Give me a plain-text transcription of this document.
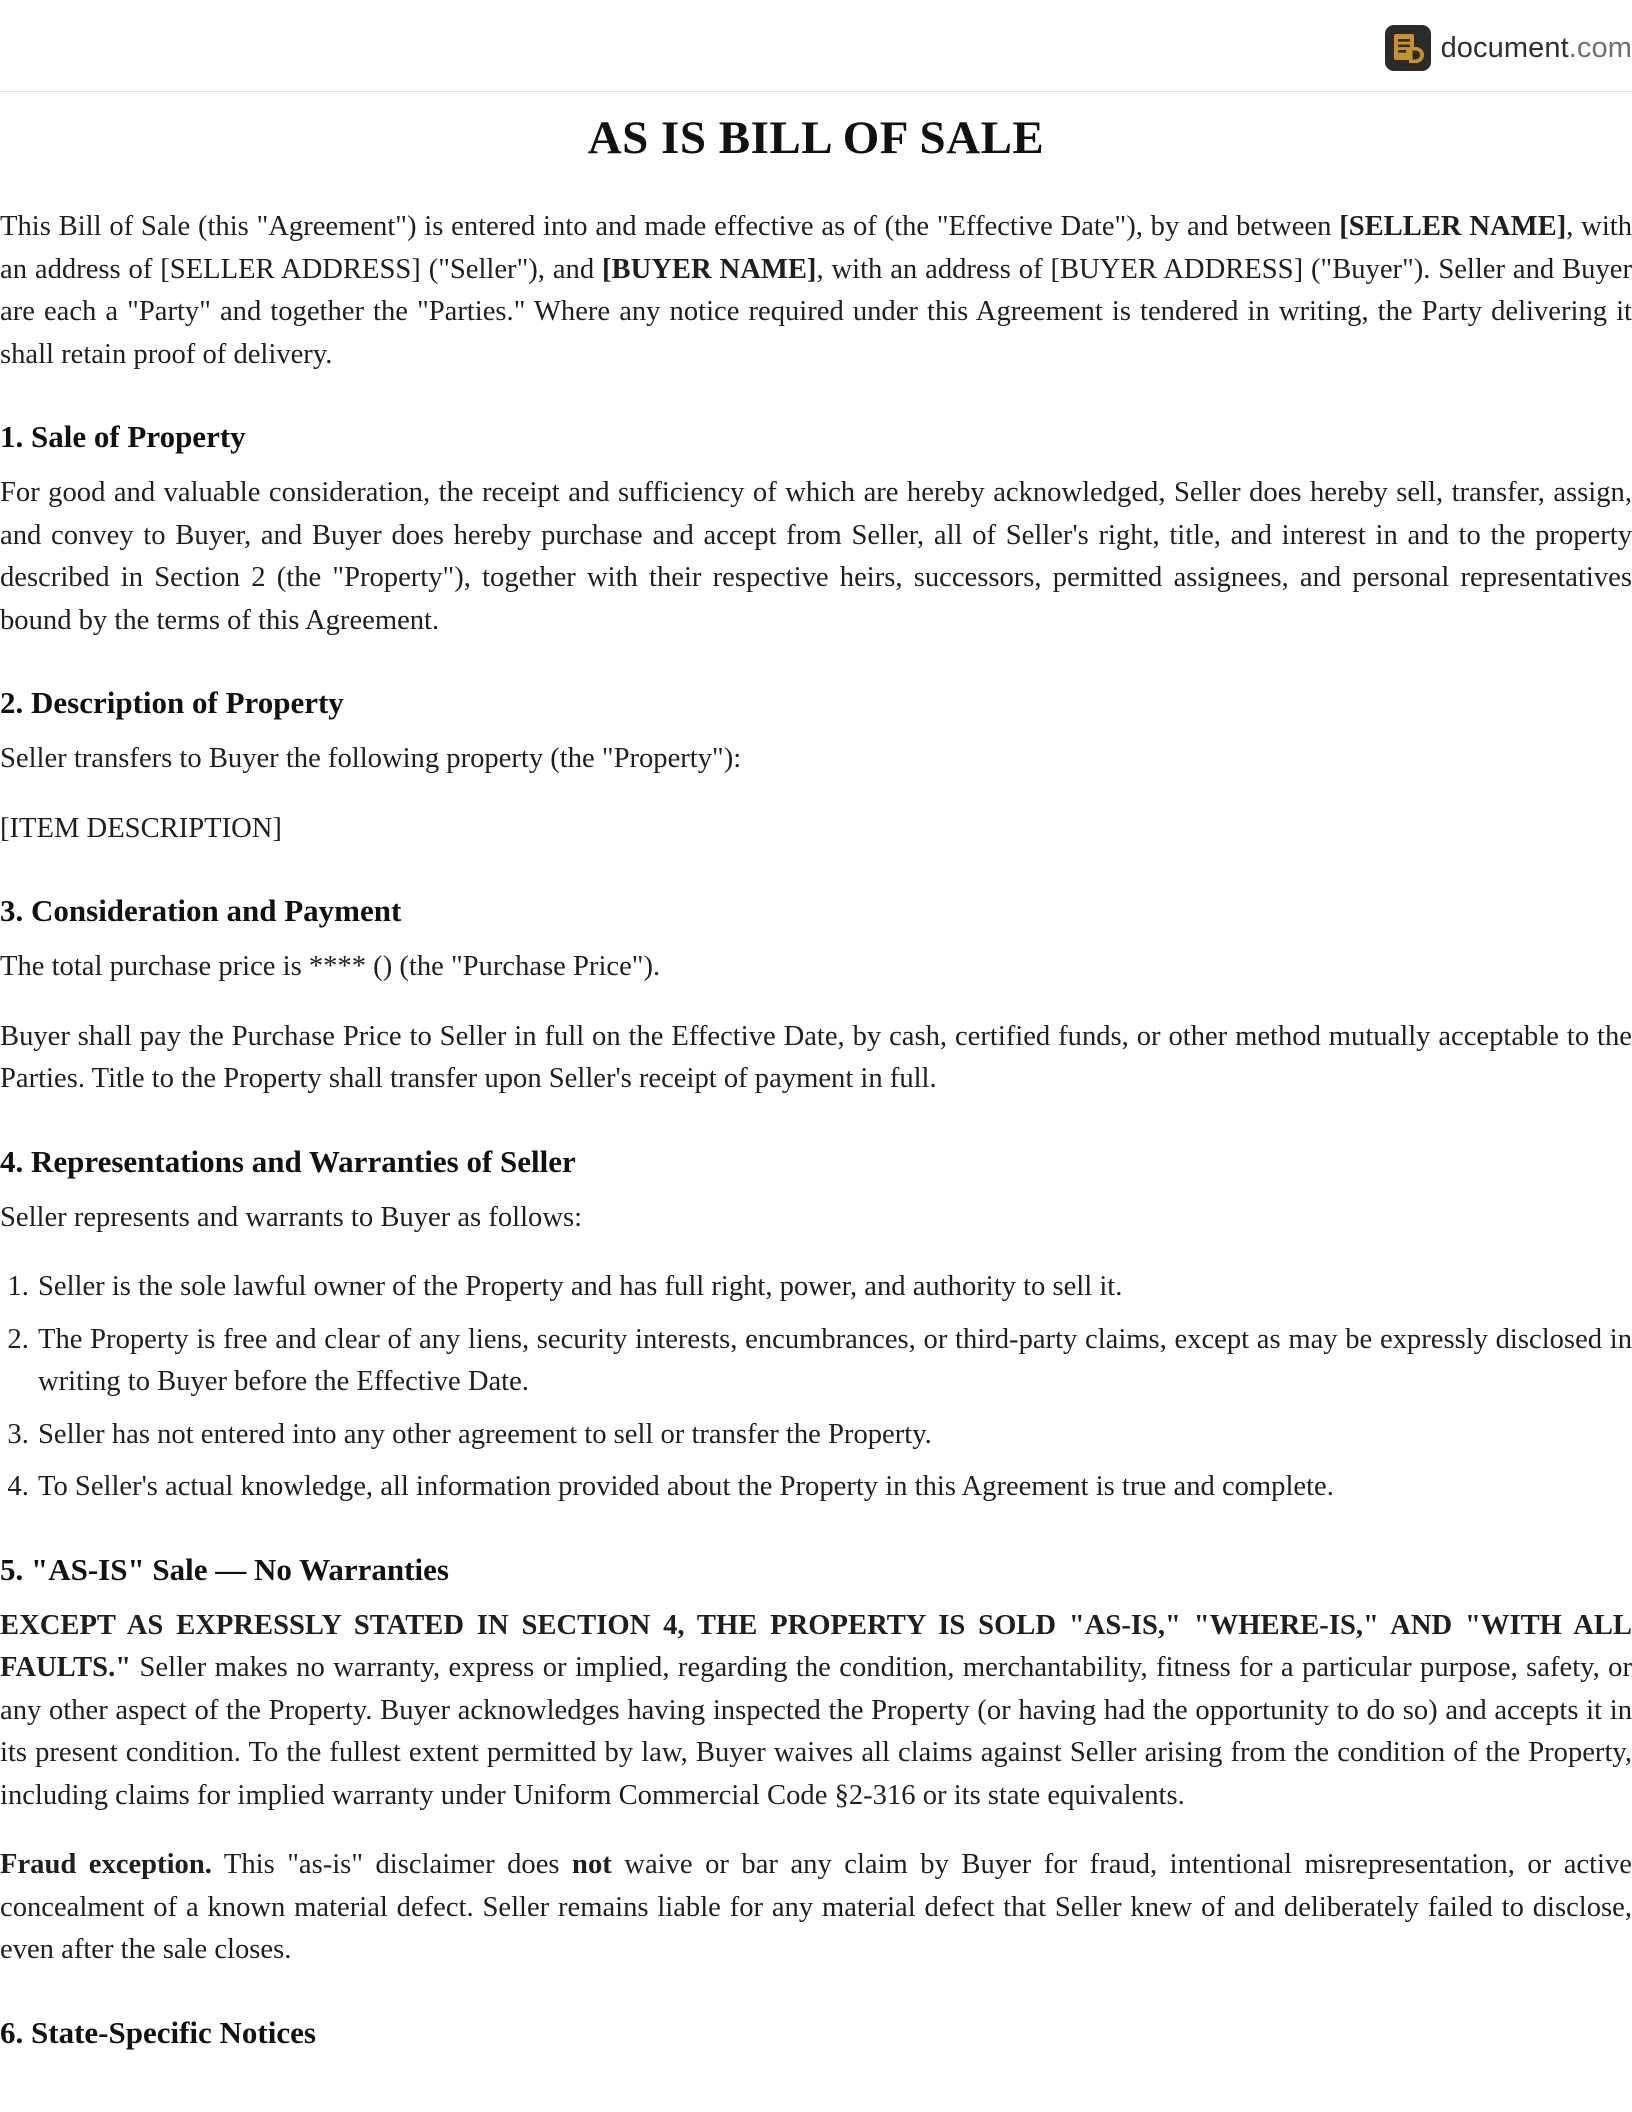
document.com
AS IS BILL OF SALE

This Bill of Sale (this "Agreement") is entered into and made effective as of (the "Effective Date"), by and between [SELLER NAME], with an address of [SELLER ADDRESS] ("Seller"), and [BUYER NAME], with an address of [BUYER ADDRESS] ("Buyer"). Seller and Buyer are each a "Party" and together the "Parties." Where any notice required under this Agreement is tendered in writing, the Party delivering it shall retain proof of delivery.

1. Sale of Property

For good and valuable consideration, the receipt and sufficiency of which are hereby acknowledged, Seller does hereby sell, transfer, assign, and convey to Buyer, and Buyer does hereby purchase and accept from Seller, all of Seller's right, title, and interest in and to the property described in Section 2 (the "Property"), together with their respective heirs, successors, permitted assignees, and personal representatives bound by the terms of this Agreement.

2. Description of Property

Seller transfers to Buyer the following property (the "Property"):

[ITEM DESCRIPTION]

3. Consideration and Payment

The total purchase price is **** () (the "Purchase Price").

Buyer shall pay the Purchase Price to Seller in full on the Effective Date, by cash, certified funds, or other method mutually acceptable to the Parties. Title to the Property shall transfer upon Seller's receipt of payment in full.

4. Representations and Warranties of Seller

Seller represents and warrants to Buyer as follows:

1. Seller is the sole lawful owner of the Property and has full right, power, and authority to sell it.
2. The Property is free and clear of any liens, security interests, encumbrances, or third-party claims, except as may be expressly disclosed in writing to Buyer before the Effective Date.
3. Seller has not entered into any other agreement to sell or transfer the Property.
4. To Seller's actual knowledge, all information provided about the Property in this Agreement is true and complete.
5. "AS-IS" Sale — No Warranties

EXCEPT AS EXPRESSLY STATED IN SECTION 4, THE PROPERTY IS SOLD "AS-IS," "WHERE-IS," AND "WITH ALL FAULTS." Seller makes no warranty, express or implied, regarding the condition, merchantability, fitness for a particular purpose, safety, or any other aspect of the Property. Buyer acknowledges having inspected the Property (or having had the opportunity to do so) and accepts it in its present condition. To the fullest extent permitted by law, Buyer waives all claims against Seller arising from the condition of the Property, including claims for implied warranty under Uniform Commercial Code §2-316 or its state equivalents.

Fraud exception. This "as-is" disclaimer does not waive or bar any claim by Buyer for fraud, intentional misrepresentation, or active concealment of a known material defect. Seller remains liable for any material defect that Seller knew of and deliberately failed to disclose, even after the sale closes.

6. State-Specific Notices
